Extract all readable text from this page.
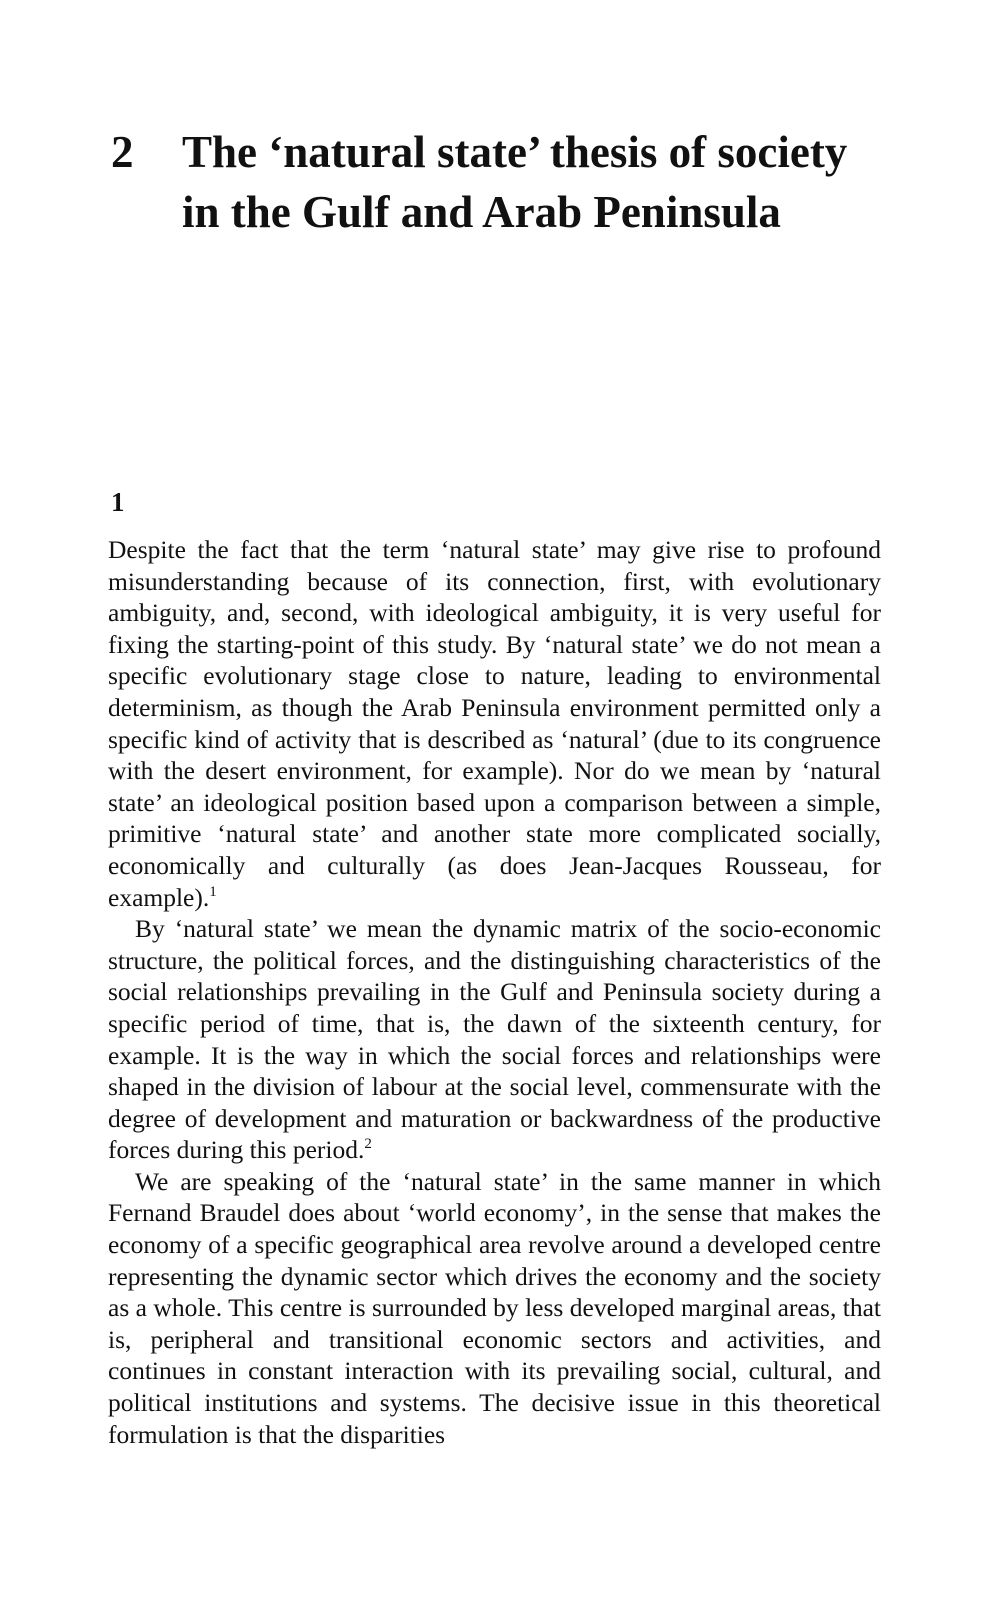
2 The ‘natural state’ thesis of society in the Gulf and Arab Peninsula
1

Despite the fact that the term ‘natural state’ may give rise to profound misunderstanding because of its connection, first, with evolutionary ambiguity, and, second, with ideological ambiguity, it is very useful for fixing the starting-point of this study. By ‘natural state’ we do not mean a specific evolutionary stage close to nature, leading to environmental determinism, as though the Arab Peninsula environment permitted only a specific kind of activity that is described as ‘natural’ (due to its congruence with the desert environment, for example). Nor do we mean by ‘natural state’ an ideological position based upon a comparison between a simple, primitive ‘natural state’ and another state more complicated socially, economically and culturally (as does Jean-Jacques Rousseau, for example).$^1$

By ‘natural state’ we mean the dynamic matrix of the socio-economic structure, the political forces, and the distinguishing characteristics of the social relationships prevailing in the Gulf and Peninsula society during a specific period of time, that is, the dawn of the sixteenth century, for example. It is the way in which the social forces and relationships were shaped in the division of labour at the social level, commensurate with the degree of development and maturation or backwardness of the productive forces during this period.$^2$

We are speaking of the ‘natural state’ in the same manner in which Fernand Braudel does about ‘world economy’, in the sense that makes the economy of a specific geographical area revolve around a developed centre representing the dynamic sector which drives the economy and the society as a whole. This centre is surrounded by less developed marginal areas, that is, peripheral and transitional economic sectors and activities, and continues in constant interaction with its prevailing social, cultural, and political institutions and systems. The decisive issue in this theoretical formulation is that the disparities
